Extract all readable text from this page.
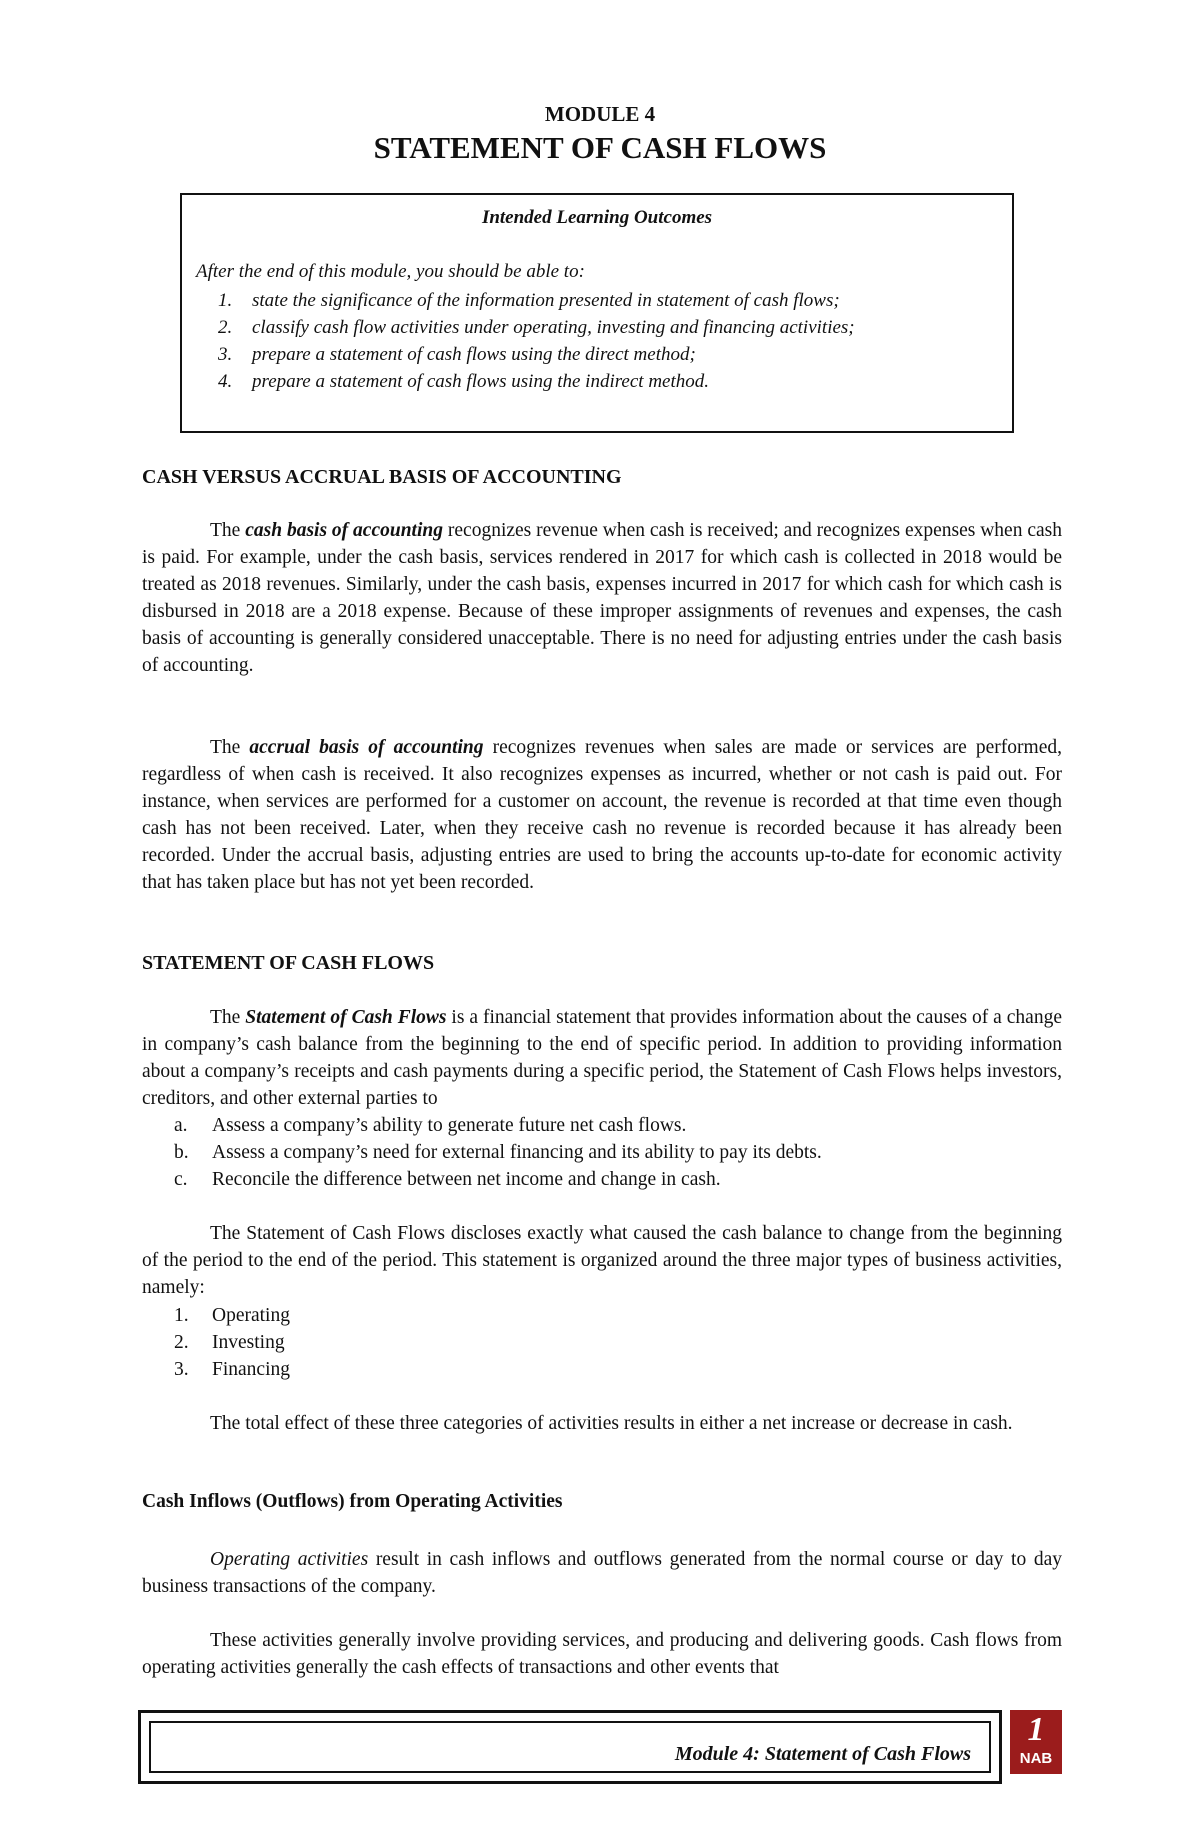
MODULE 4
STATEMENT OF CASH FLOWS
Intended Learning Outcomes
After the end of this module, you should be able to:
1. state the significance of the information presented in statement of cash flows;
2. classify cash flow activities under operating, investing and financing activities;
3. prepare a statement of cash flows using the direct method;
4. prepare a statement of cash flows using the indirect method.
CASH VERSUS ACCRUAL BASIS OF ACCOUNTING

The cash basis of accounting recognizes revenue when cash is received; and recognizes expenses when cash is paid. For example, under the cash basis, services rendered in 2017 for which cash is collected in 2018 would be treated as 2018 revenues. Similarly, under the cash basis, expenses incurred in 2017 for which cash for which cash is disbursed in 2018 are a 2018 expense. Because of these improper assignments of revenues and expenses, the cash basis of accounting is generally considered unacceptable. There is no need for adjusting entries under the cash basis of accounting.

The accrual basis of accounting recognizes revenues when sales are made or services are performed, regardless of when cash is received. It also recognizes expenses as incurred, whether or not cash is paid out. For instance, when services are performed for a customer on account, the revenue is recorded at that time even though cash has not been received. Later, when they receive cash no revenue is recorded because it has already been recorded. Under the accrual basis, adjusting entries are used to bring the accounts up-to-date for economic activity that has taken place but has not yet been recorded.

STATEMENT OF CASH FLOWS

The Statement of Cash Flows is a financial statement that provides information about the causes of a change in company’s cash balance from the beginning to the end of specific period. In addition to providing information about a company’s receipts and cash payments during a specific period, the Statement of Cash Flows helps investors, creditors, and other external parties to

a. Assess a company’s ability to generate future net cash flows.
b. Assess a company’s need for external financing and its ability to pay its debts.
c. Reconcile the difference between net income and change in cash.

The Statement of Cash Flows discloses exactly what caused the cash balance to change from the beginning of the period to the end of the period. This statement is organized around the three major types of business activities, namely:

1. Operating
2. Investing
3. Financing

The total effect of these three categories of activities results in either a net increase or decrease in cash.

Cash Inflows (Outflows) from Operating Activities

Operating activities result in cash inflows and outflows generated from the normal course or day to day business transactions of the company.

These activities generally involve providing services, and producing and delivering goods. Cash flows from operating activities generally the cash effects of transactions and other events that

Module 4: Statement of Cash Flows
1
NAB
